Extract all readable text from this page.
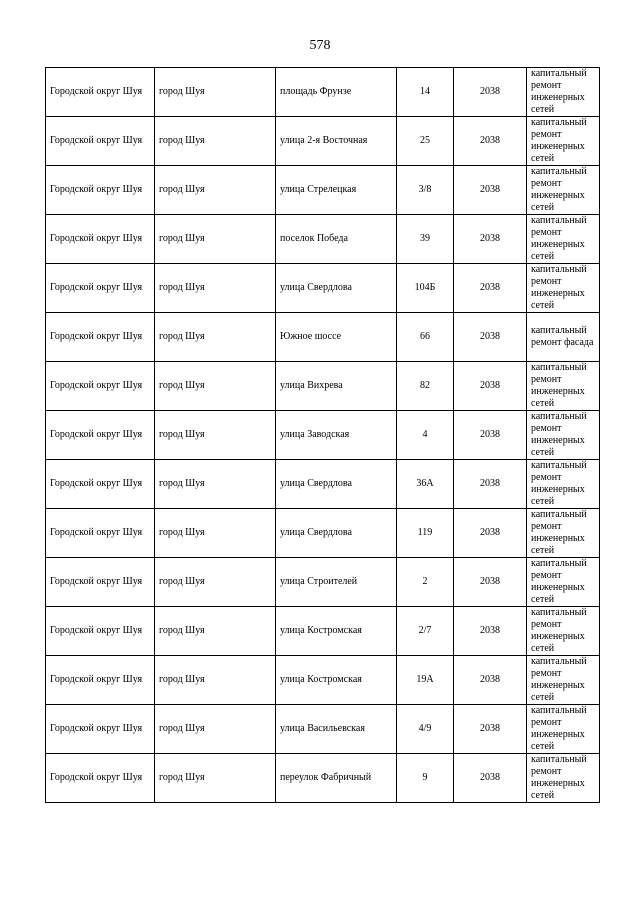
578
Городской округ Шуя	город Шуя	площадь Фрунзе	14	2038	капитальный ремонт инженерных сетей
Городской округ Шуя	город Шуя	улица 2-я Восточная	25	2038	капитальный ремонт инженерных сетей
Городской округ Шуя	город Шуя	улица Стрелецкая	3/8	2038	капитальный ремонт инженерных сетей
Городской округ Шуя	город Шуя	поселок Победа	39	2038	капитальный ремонт инженерных сетей
Городской округ Шуя	город Шуя	улица Свердлова	104Б	2038	капитальный ремонт инженерных сетей
Городской округ Шуя	город Шуя	Южное шоссе	66	2038	капитальный ремонт фасада
Городской округ Шуя	город Шуя	улица Вихрева	82	2038	капитальный ремонт инженерных сетей
Городской округ Шуя	город Шуя	улица Заводская	4	2038	капитальный ремонт инженерных сетей
Городской округ Шуя	город Шуя	улица Свердлова	36А	2038	капитальный ремонт инженерных сетей
Городской округ Шуя	город Шуя	улица Свердлова	119	2038	капитальный ремонт инженерных сетей
Городской округ Шуя	город Шуя	улица Строителей	2	2038	капитальный ремонт инженерных сетей
Городской округ Шуя	город Шуя	улица Костромская	2/7	2038	капитальный ремонт инженерных сетей
Городской округ Шуя	город Шуя	улица Костромская	19А	2038	капитальный ремонт инженерных сетей
Городской округ Шуя	город Шуя	улица Васильевская	4/9	2038	капитальный ремонт инженерных сетей
Городской округ Шуя	город Шуя	переулок Фабричный	9	2038	капитальный ремонт инженерных сетей
